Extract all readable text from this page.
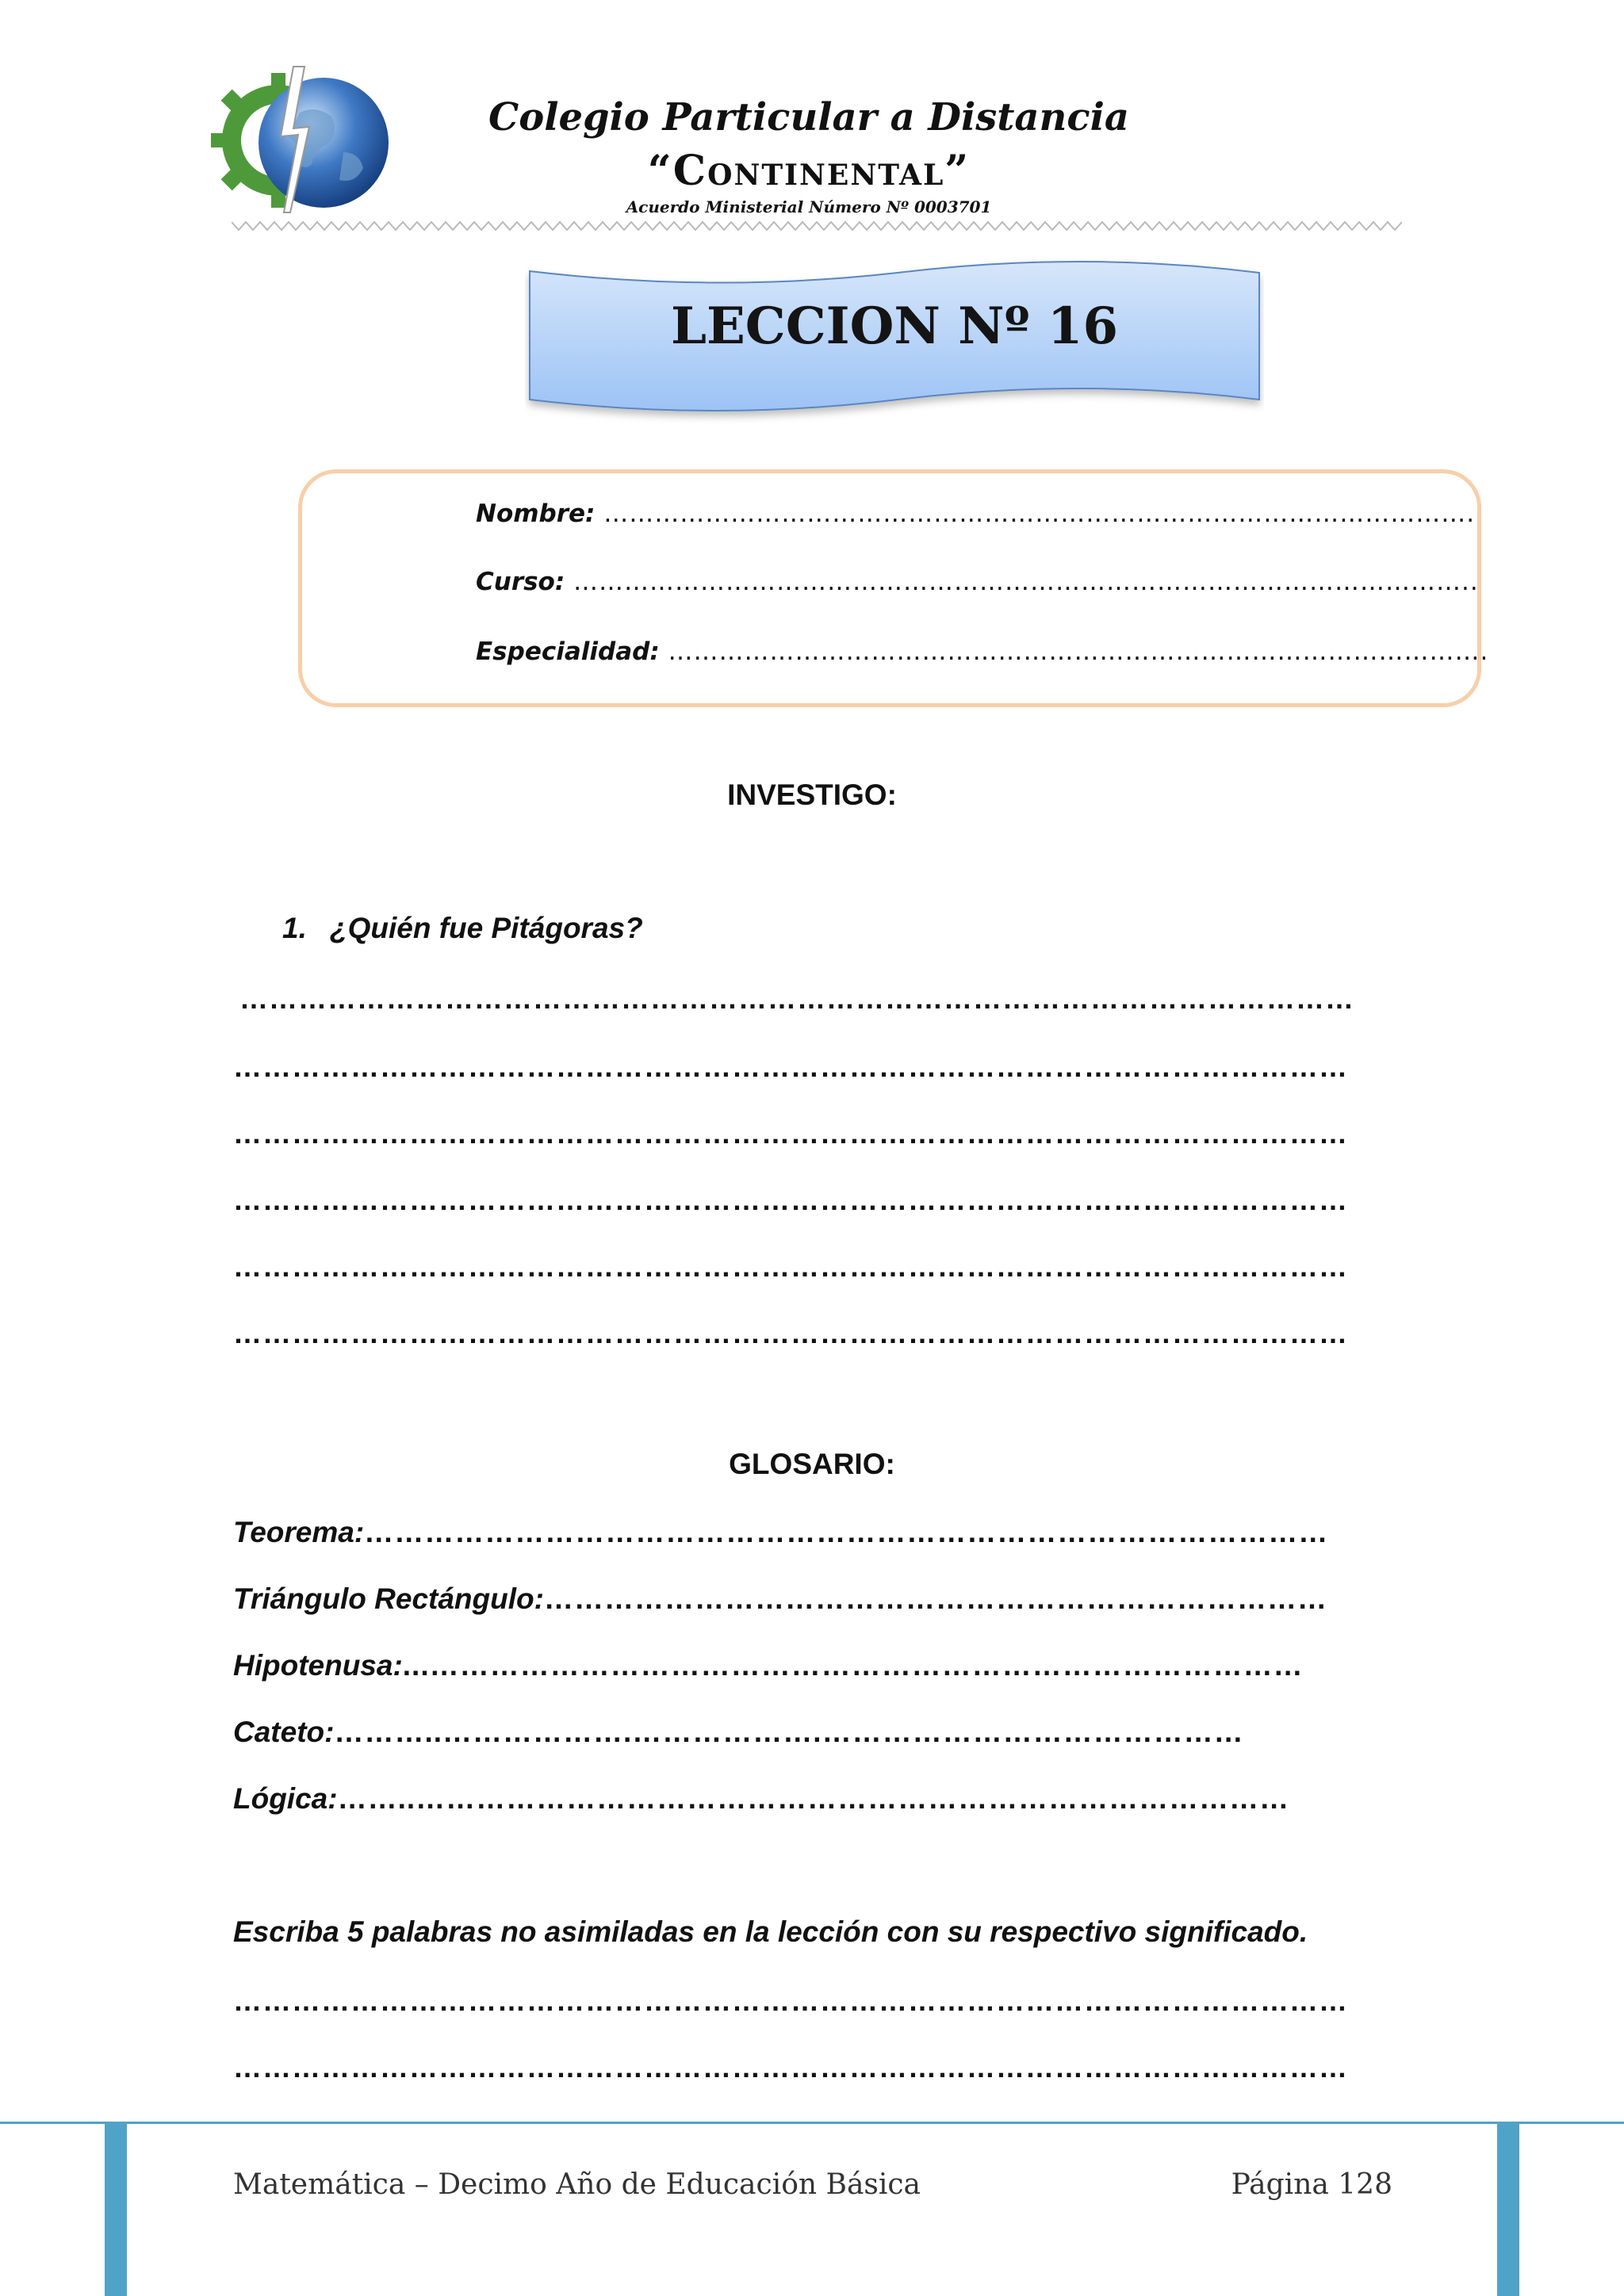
Colegio Particular a Distancia
“Continental”
Acuerdo Ministerial Número Nº 0003701
LECCION Nº 16
Nombre: ………………………………………………………………………………………….
Curso: ……………………………………………………………………………………………..
Especialidad: …………………………………………………………………………………….
INVESTIGO:
1. ¿Quién fue Pitágoras?
……………………………………………………………………………………………………
……………………………………………………………………………………………………
……………………………………………………………………………………………………
……………………………………………………………………………………………………
……………………………………………………………………………………………………
……………………………………………………………………………………………………
GLOSARIO:
Teorema:……………………………………………………………………………………
Triángulo Rectángulo:……………………………………………………………………
Hipotenusa:...……………………………………………………………………………
Cateto:………..……………….……………….……………………………………
Lógica:……..……………………………………………………………………………
Escriba 5 palabras no asimiladas en la lección con su respectivo significado.
……………………………………………………………………………………………………
……………………………………………………………………………………………………
Matemática – Decimo Año de Educación Básica	Página 128
